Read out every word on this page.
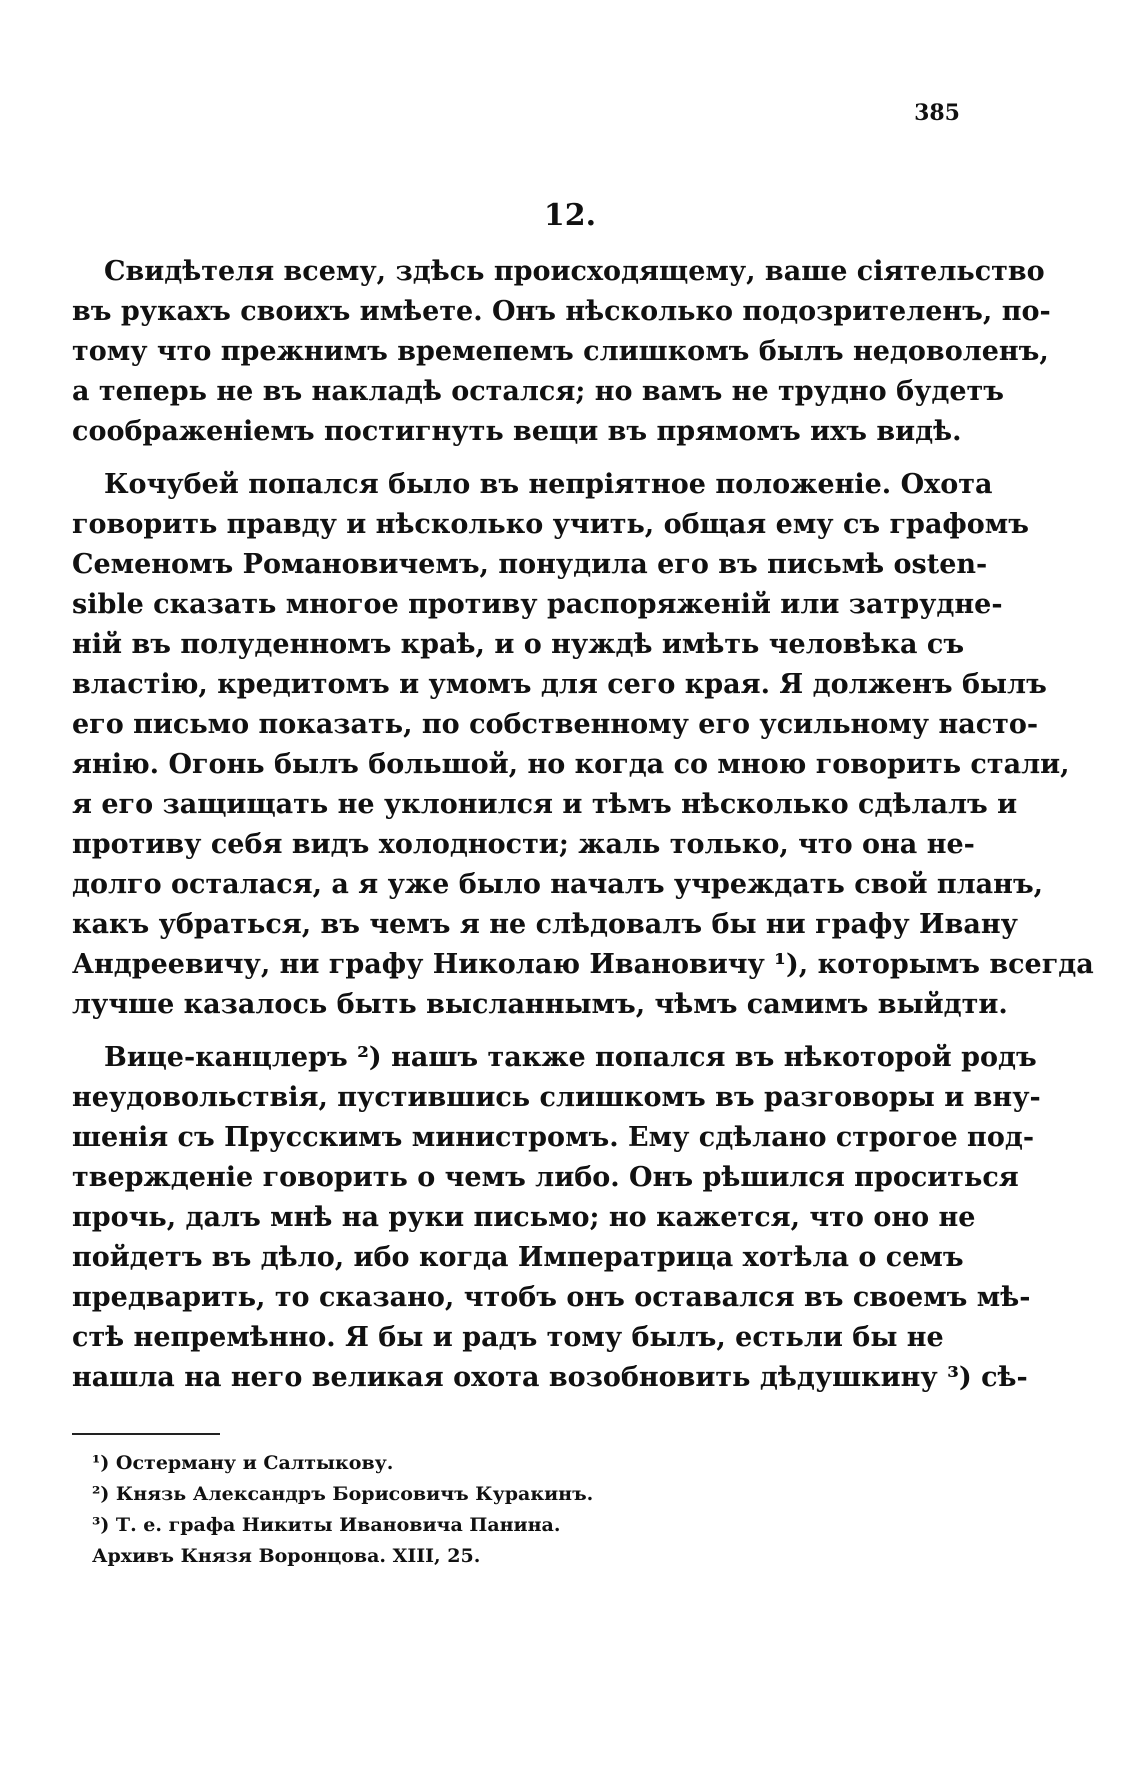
385
12.
Свидѣтеля всему, здѣсь происходящему, ваше сіятельство
въ рукахъ своихъ имѣете. Онъ нѣсколько подозрителенъ, по-
тому что прежнимъ времепемъ слишкомъ былъ недоволенъ,
а теперь не въ накладѣ остался; но вамъ не трудно будетъ
соображеніемъ постигнуть вещи въ прямомъ ихъ видѣ.
Кочубей попался было въ непріятное положеніе. Охота
говорить правду и нѣсколько учить, общая ему съ графомъ
Семеномъ Романовичемъ, понудила его въ письмѣ osten-
sible сказать многое противу распоряженій или затрудне-
ній въ полуденномъ краѣ, и о нуждѣ имѣть человѣка съ
властію, кредитомъ и умомъ для сего края. Я долженъ былъ
его письмо показать, по собственному его усильному насто-
янію. Огонь былъ большой, но когда со мною говорить стали,
я его защищать не уклонился и тѣмъ нѣсколько сдѣлалъ и
противу себя видъ холодности; жаль только, что она не-
долго осталася, а я уже было началъ учреждать свой планъ,
какъ убраться, въ чемъ я не слѣдовалъ бы ни графу Ивану
Андреевичу, ни графу Николаю Ивановичу ¹), которымъ всегда
лучше казалось быть высланнымъ, чѣмъ самимъ выйдти.
Вице-канцлеръ ²) нашъ также попался въ нѣкоторой родъ
неудовольствія, пустившись слишкомъ въ разговоры и вну-
шенія съ Прусскимъ министромъ. Ему сдѣлано строгое под-
твержденіе говорить о чемъ либо. Онъ рѣшился проситься
прочь, далъ мнѣ на руки письмо; но кажется, что оно не
пойдетъ въ дѣло, ибо когда Императрица хотѣла о семъ
предварить, то сказано, чтобъ онъ оставался въ своемъ мѣ-
стѣ непремѣнно. Я бы и радъ тому былъ, естьли бы не
нашла на него великая охота возобновить дѣдушкину ³) сѣ-
¹) Остерману и Салтыкову.
²) Князь Александръ Борисовичъ Куракинъ.
³) Т. е. графа Никиты Ивановича Панина.
Архивъ Князя Воронцова. XIII, 25.
